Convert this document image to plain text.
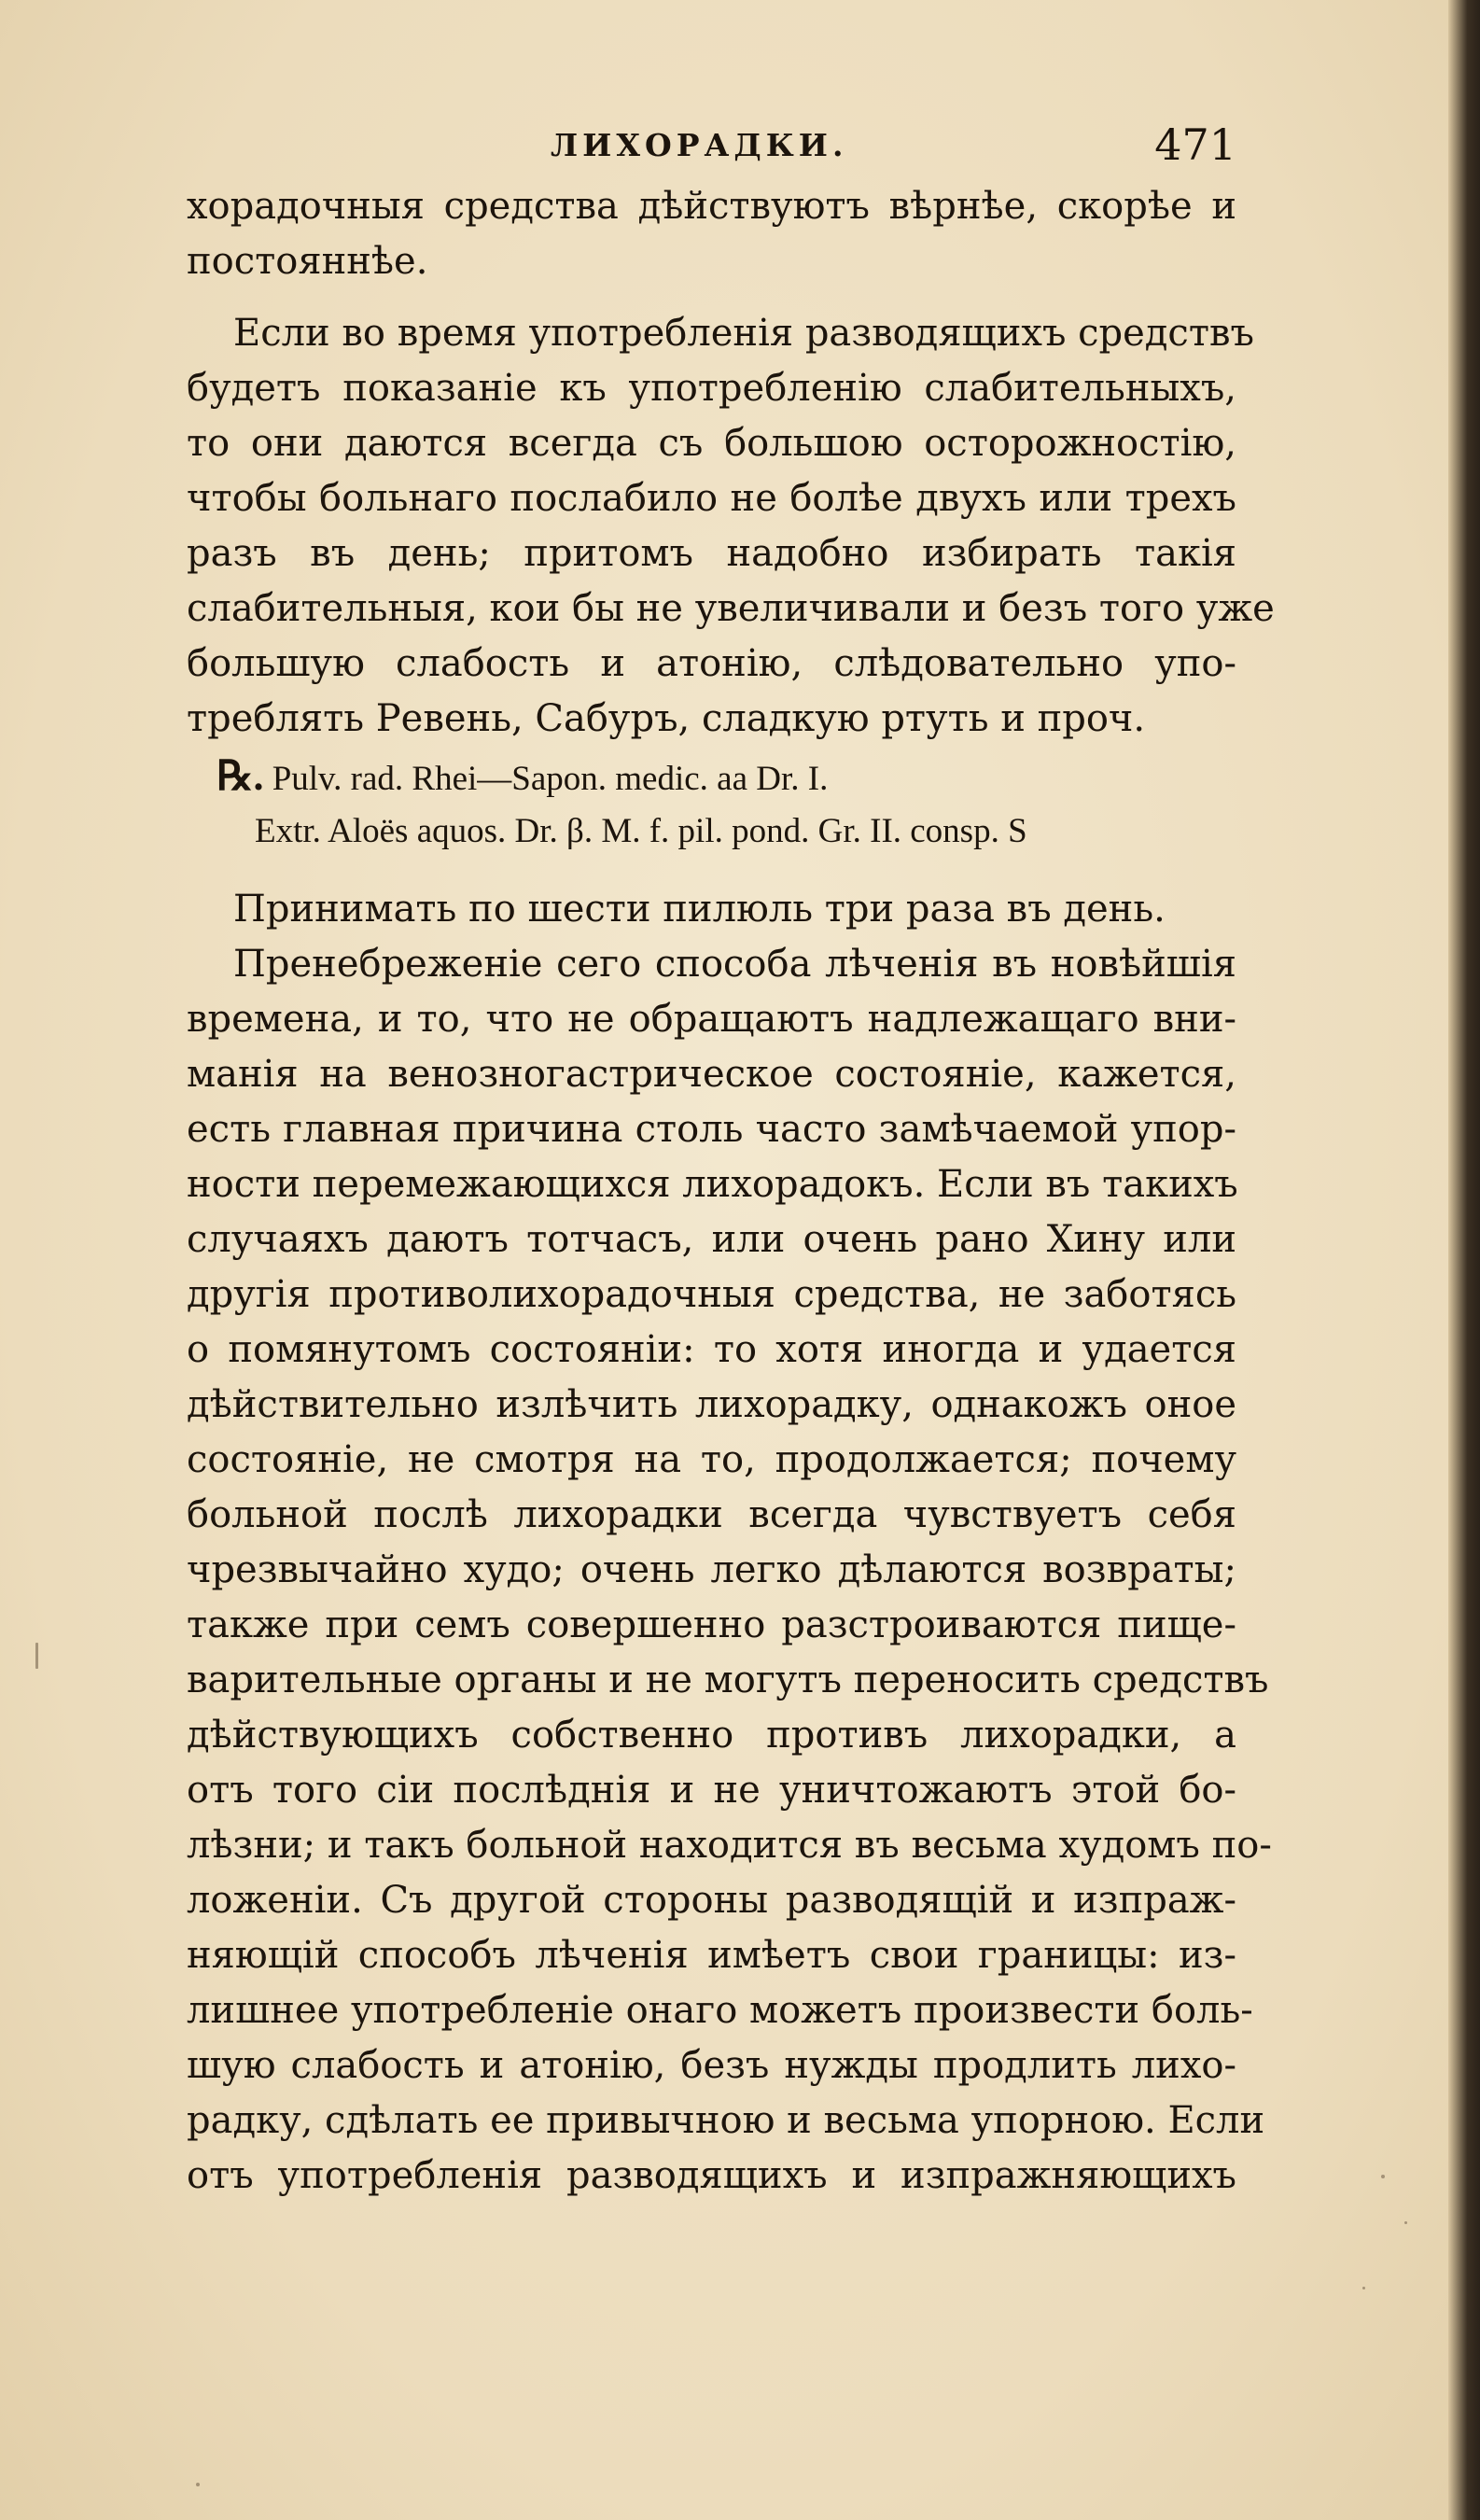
ЛИХОРАДКИ.	471
хорадочныя средства дѣйствуютъ вѣрнѣе, скорѣе и
постояннѣе.
Если во время употребленія разводящихъ средствъ
будетъ показаніе къ употребленію слабительныхъ,
то они даются всегда съ большою осторожностію,
чтобы больнаго послабило не болѣе двухъ или трехъ
разъ въ день; притомъ надобно избирать такія
слабительныя, кои бы не увеличивали и безъ того уже
большую слабость и атонію, слѣдовательно упо-
треблять Ревень, Сабуръ, сладкую ртуть и проч.
℞. Pulv. rad. Rhei—Sapon. medic. aa Dr. I.
Extr. Aloës aquos. Dr. β. M. f. pil. pond. Gr. II. consp. S
Принимать по шести пилюль три раза въ день.
Пренебреженіе сего способа лѣченія въ новѣйшія
времена, и то, что не обращаютъ надлежащаго вни-
манія на венозногастрическое состояніе, кажется,
есть главная причина столь часто замѣчаемой упор-
ности перемежающихся лихорадокъ. Если въ такихъ
случаяхъ даютъ тотчасъ, или очень рано Хину или
другія противолихорадочныя средства, не заботясь
о помянутомъ состояніи: то хотя иногда и удается
дѣйствительно излѣчить лихорадку, однакожъ оное
состояніе, не смотря на то, продолжается; почему
больной послѣ лихорадки всегда чувствуетъ себя
чрезвычайно худо; очень легко дѣлаются возвраты;
также при семъ совершенно разстроиваются пище-
варительные органы и не могутъ переносить средствъ
дѣйствующихъ собственно противъ лихорадки, а
отъ того сіи послѣднія и не уничтожаютъ этой бо-
лѣзни; и такъ больной находится въ весьма худомъ по-
ложеніи. Съ другой стороны разводящій и изпраж-
няющій способъ лѣченія имѣетъ свои границы: из-
лишнее употребленіе онаго можетъ произвести боль-
шую слабость и атонію, безъ нужды продлить лихо-
радку, сдѣлать ее привычною и весьма упорною. Если
отъ употребленія разводящихъ и изпражняющихъ
